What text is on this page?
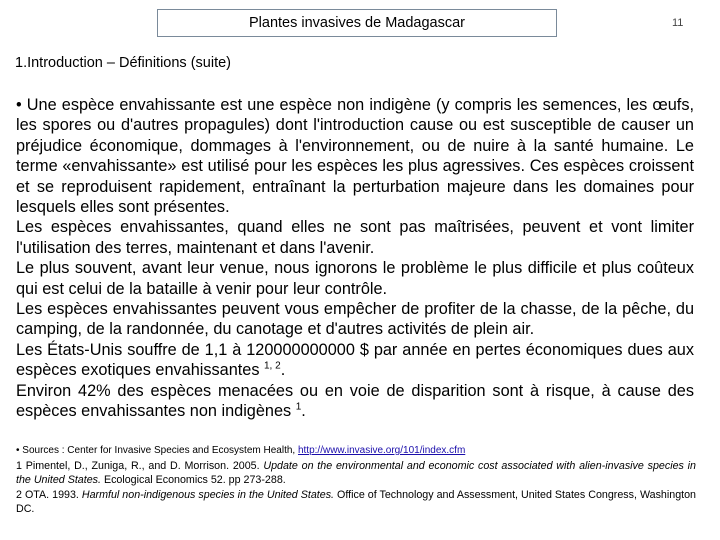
Plantes invasives de Madagascar	11
1.Introduction – Définitions (suite)

• Une espèce envahissante est une espèce non indigène (y compris les semences, les œufs, les spores ou d'autres propagules) dont l'introduction cause ou est susceptible de causer un préjudice économique, dommages à l'environnement, ou de nuire à la santé humaine. Le terme «envahissante» est utilisé pour les espèces les plus agressives. Ces espèces croissent et se reproduisent rapidement, entraînant la perturbation majeure dans les domaines pour lesquels elles sont présentes.

Les espèces envahissantes, quand elles ne sont pas maîtrisées, peuvent et vont limiter l'utilisation des terres, maintenant et dans l'avenir.

Le plus souvent, avant leur venue, nous ignorons le problème le plus difficile et plus coûteux qui est celui de la bataille à venir pour leur contrôle.

Les espèces envahissantes peuvent vous empêcher de profiter de la chasse, de la pêche, du camping, de la randonnée, du canotage et d'autres activités de plein air.

Les États-Unis souffre de 1,1 à 120000000000 $ par année en pertes économiques dues aux espèces exotiques envahissantes $^{1, 2}$.

Environ 42% des espèces menacées ou en voie de disparition sont à risque, à cause des espèces envahissantes non indigènes $^1$.

• Sources : Center for Invasive Species and Ecosystem Health, http://www.invasive.org/101/index.cfm

1 Pimentel, D., Zuniga, R., and D. Morrison. 2005. Update on the environmental and economic cost associated with alien-invasive species in the United States. Ecological Economics 52. pp 273-288.

2 OTA. 1993. Harmful non-indigenous species in the United States. Office of Technology and Assessment, United States Congress, Washington DC.
